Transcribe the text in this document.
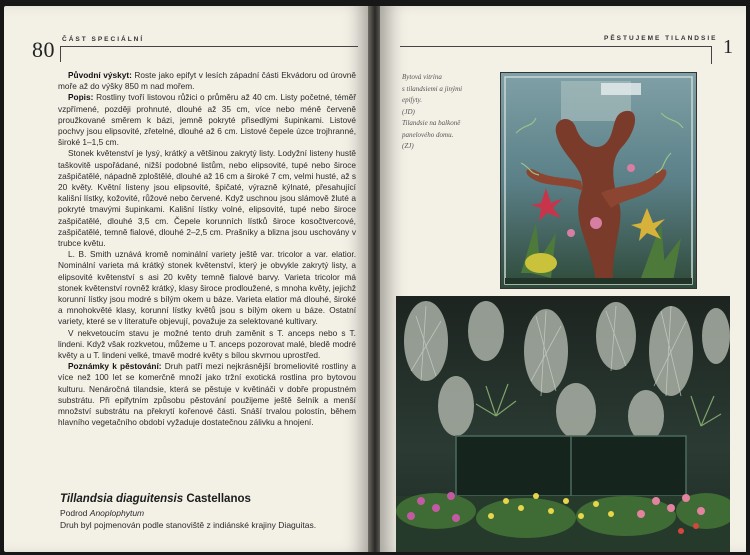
80 ČÁST SPECIÁLNÍ

Původní výskyt: Roste jako epifyt v lesích západní části Ekvádoru od úrovně moře až do výšky 850 m nad mořem.

Popis: Rostliny tvoří listovou růžici o průměru až 40 cm. Listy početné, téměř vzpřímené, později prohnuté, dlouhé až 35 cm, více nebo méně červeně proužkované směrem k bázi, jemně pokryté přisedlými šupinkami. Listové pochvy jsou elipsovité, zřetelné, dlouhé až 6 cm. Listové čepele úzce trojhranné, široké 1–1,5 cm.

Stonek květenství je lysý, krátký a většinou zakrytý listy. Lodyžní listeny hustě taškovitě uspořádané, nižší podobné listům, nebo elipsovité, tupé nebo široce zašpičatělé, nápadně zploštělé, dlouhé až 16 cm a široké 7 cm, velmi husté, až s 20 květy. Květní listeny jsou elipsovité, špičaté, výrazně kýlnaté, přesahující kališní lístky, kožovité, růžové nebo červené. Když uschnou jsou slámově žluté a pokryté tmavými šupinkami. Kališní lístky volné, elipsovité, tupé nebo široce zašpičatělé, dlouhé 3,5 cm. Čepele korunních lístků široce kosočtvercové, zašpičatělé, temně fialové, dlouhé 2–2,5 cm. Prašníky a blizna jsou uschovány v trubce květu.

L. B. Smith uznává kromě nominální variety ještě var. tricolor a var. elatior. Nominální varieta má krátký stonek květenství, který je obvykle zakrytý listy, a elipsovité květenství s asi 20 květy temně fialové barvy. Varieta tricolor má stonek květenství rovněž krátký, klasy široce prodloužené, s mnoha květy, jejichž korunní lístky jsou modré s bílým okem u báze. Varieta elatior má dlouhé, široké a mnohokvěté klasy, korunní lístky květů jsou s bílým okem u báze. Ostatní variety, které se v literatuře objevují, považuje za selektované kultivary.

V nekvetoucím stavu je možné tento druh zaměnit s T. anceps nebo s T. lindeni. Když však rozkvetou, můžeme u T. anceps pozorovat malé, bledě modré květy a u T. lindeni velké, tmavě modré květy s bílou skvrnou uprostřed.

Poznámky k pěstování: Druh patří mezi nejkrásnější bromeliovité rostliny a více než 100 let se komerčně množí jako tržní exotická rostlina pro bytovou kulturu. Nenáročná tilandsie, která se pěstuje v květináči v dobře propustném substrátu. Při epifytním způsobu pěstování použijeme ještě šelník a menší množství substrátu na překrytí kořenové části. Snáší trvalou polostín, během hlavního vegetačního období vyžaduje dostatečnou zálivku a hnojení.

Tillandsia diaguitensis Castellanos
Podrod Anoplophytum
Druh byl pojmenován podle stanoviště z indiánské krajiny Diaguitas.
PĚSTUJEME TILANDSIE 1
Bytová vitrína
s tilandsiemi a jinými
epifyty.
(JD)
Tilandsie na balkoně
panelového domu.
(ZJ)
